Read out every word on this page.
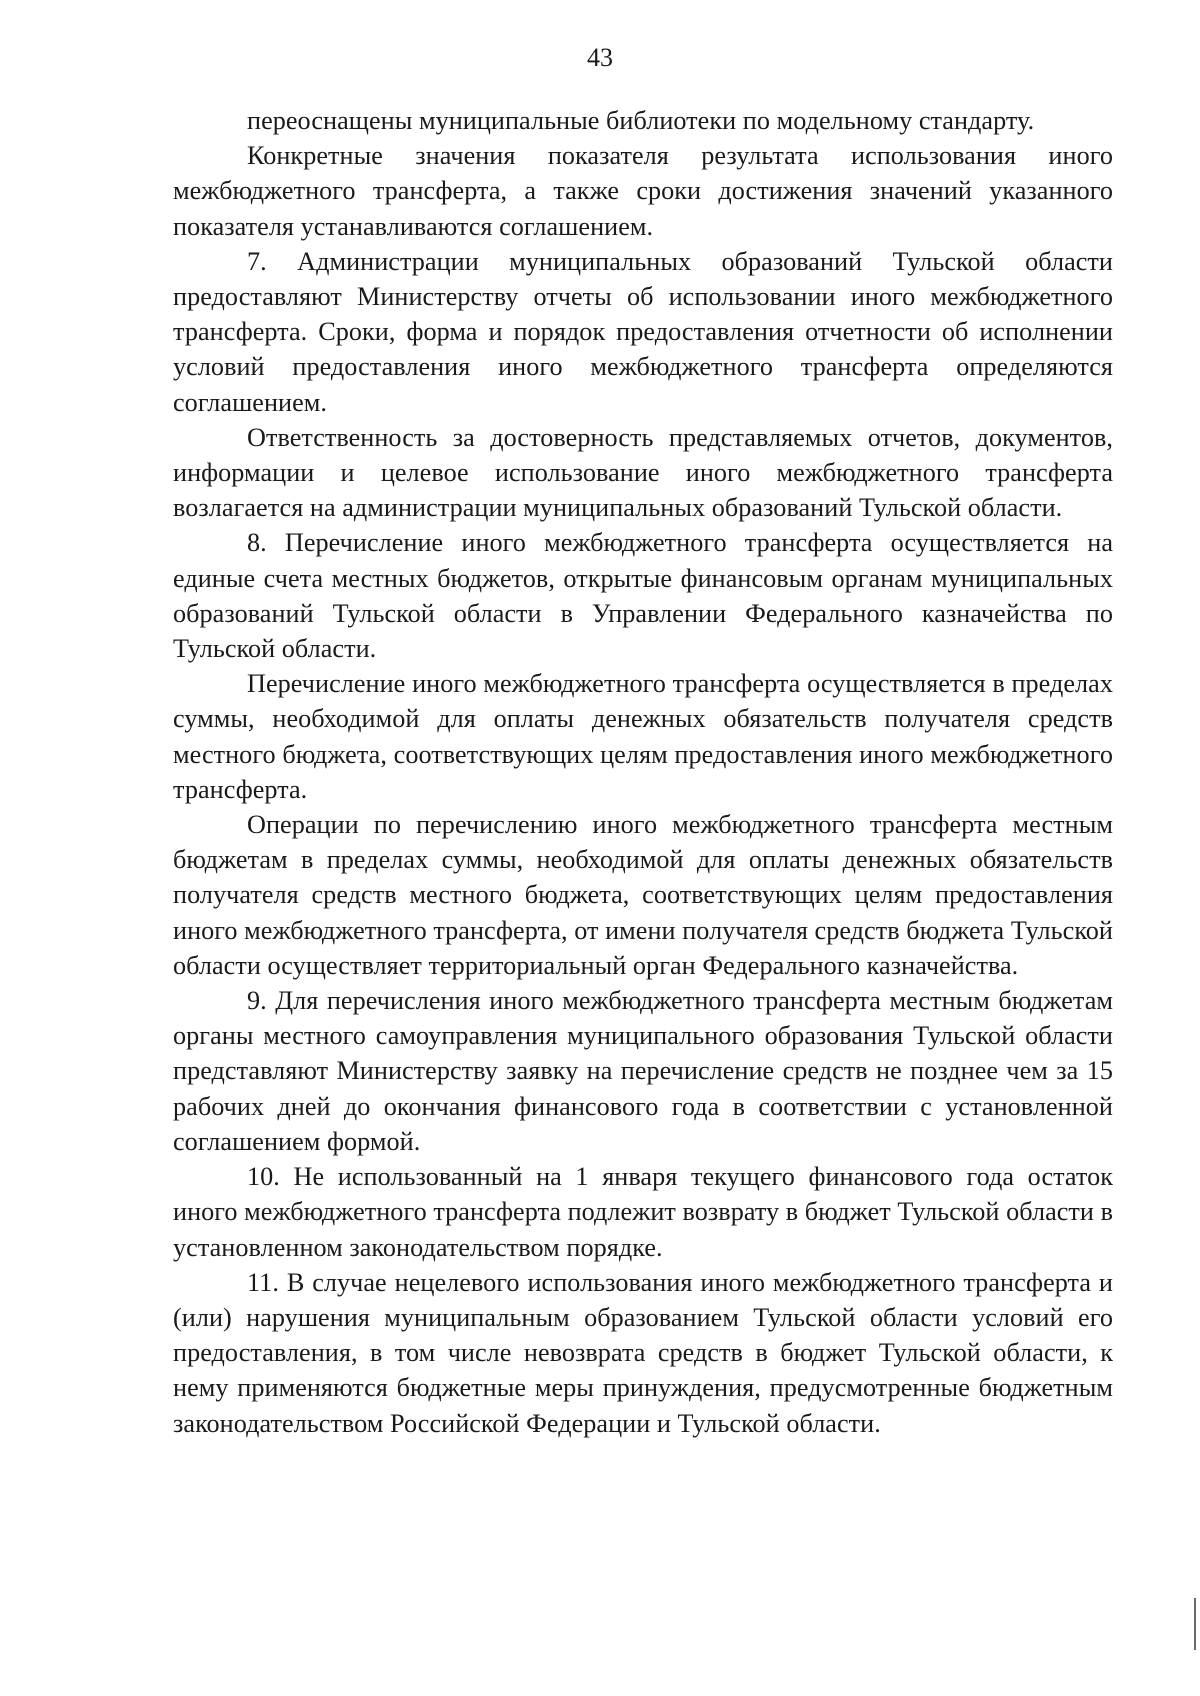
43

переоснащены муниципальные библиотеки по модельному стандарту.

Конкретные значения показателя результата использования иного межбюджетного трансферта, а также сроки достижения значений указанного показателя устанавливаются соглашением.

7. Администрации муниципальных образований Тульской области предоставляют Министерству отчеты об использовании иного межбюджетного трансферта. Сроки, форма и порядок предоставления отчетности об исполнении условий предоставления иного межбюджетного трансферта определяются соглашением.

Ответственность за достоверность представляемых отчетов, документов, информации и целевое использование иного межбюджетного трансферта возлагается на администрации муниципальных образований Тульской области.

8. Перечисление иного межбюджетного трансферта осуществляется на единые счета местных бюджетов, открытые финансовым органам муниципальных образований Тульской области в Управлении Федерального казначейства по Тульской области.

Перечисление иного межбюджетного трансферта осуществляется в пределах суммы, необходимой для оплаты денежных обязательств получателя средств местного бюджета, соответствующих целям предоставления иного межбюджетного трансферта.

Операции по перечислению иного межбюджетного трансферта местным бюджетам в пределах суммы, необходимой для оплаты денежных обязательств получателя средств местного бюджета, соответствующих целям предоставления иного межбюджетного трансферта, от имени получателя средств бюджета Тульской области осуществляет территориальный орган Федерального казначейства.

9. Для перечисления иного межбюджетного трансферта местным бюджетам органы местного самоуправления муниципального образования Тульской области представляют Министерству заявку на перечисление средств не позднее чем за 15 рабочих дней до окончания финансового года в соответствии с установленной соглашением формой.

10. Не использованный на 1 января текущего финансового года остаток иного межбюджетного трансферта подлежит возврату в бюджет Тульской области в установленном законодательством порядке.

11. В случае нецелевого использования иного межбюджетного трансферта и (или) нарушения муниципальным образованием Тульской области условий его предоставления, в том числе невозврата средств в бюджет Тульской области, к нему применяются бюджетные меры принуждения, предусмотренные бюджетным законодательством Российской Федерации и Тульской области.
